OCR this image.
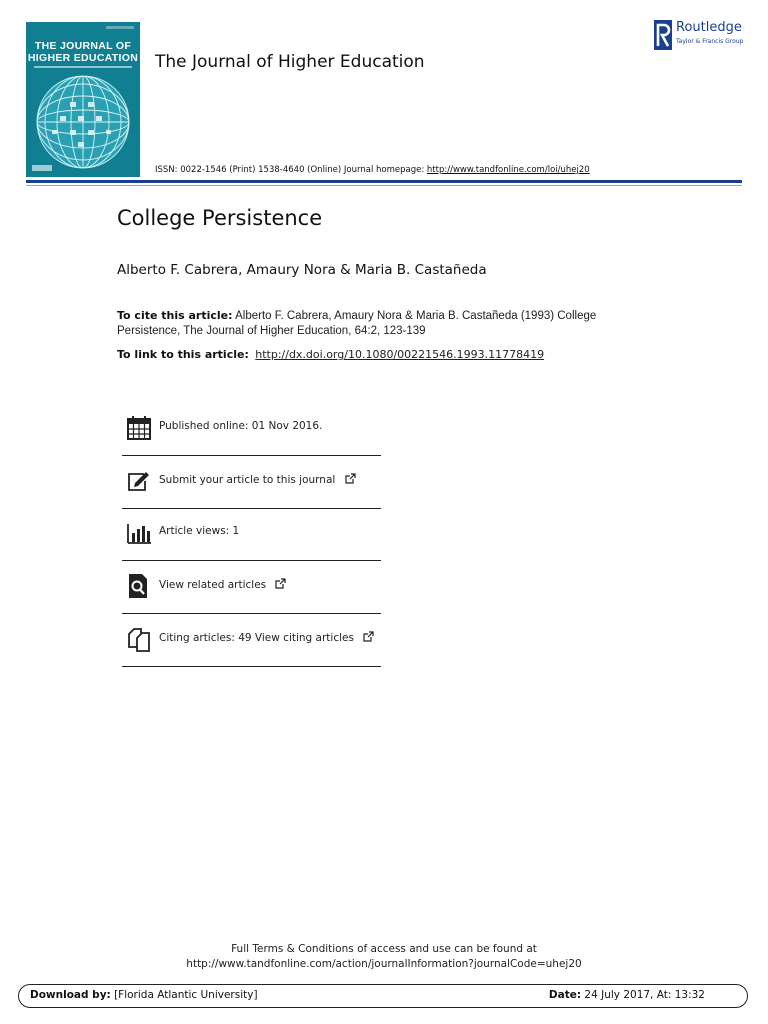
THE JOURNAL OF
HIGHER EDUCATION The Journal of Higher Education
ISSN: 0022-1546 (Print) 1538-4640 (Online) Journal homepage: http://www.tandfonline.com/loi/uhej20
Routledge
Taylor & Francis Group
College Persistence
Alberto F. Cabrera, Amaury Nora & Maria B. Castañeda
To cite this article: Alberto F. Cabrera, Amaury Nora & Maria B. Castañeda (1993) College Persistence, The Journal of Higher Education, 64:2, 123-139
To link to this article: http://dx.doi.org/10.1080/00221546.1993.11778419
Published online: 01 Nov 2016.
Submit your article to this journal
Article views: 1
View related articles
Citing articles: 49 View citing articles
Full Terms & Conditions of access and use can be found at
http://www.tandfonline.com/action/journalInformation?journalCode=uhej20
Download by: [Florida Atlantic University]	Date: 24 July 2017, At: 13:32
